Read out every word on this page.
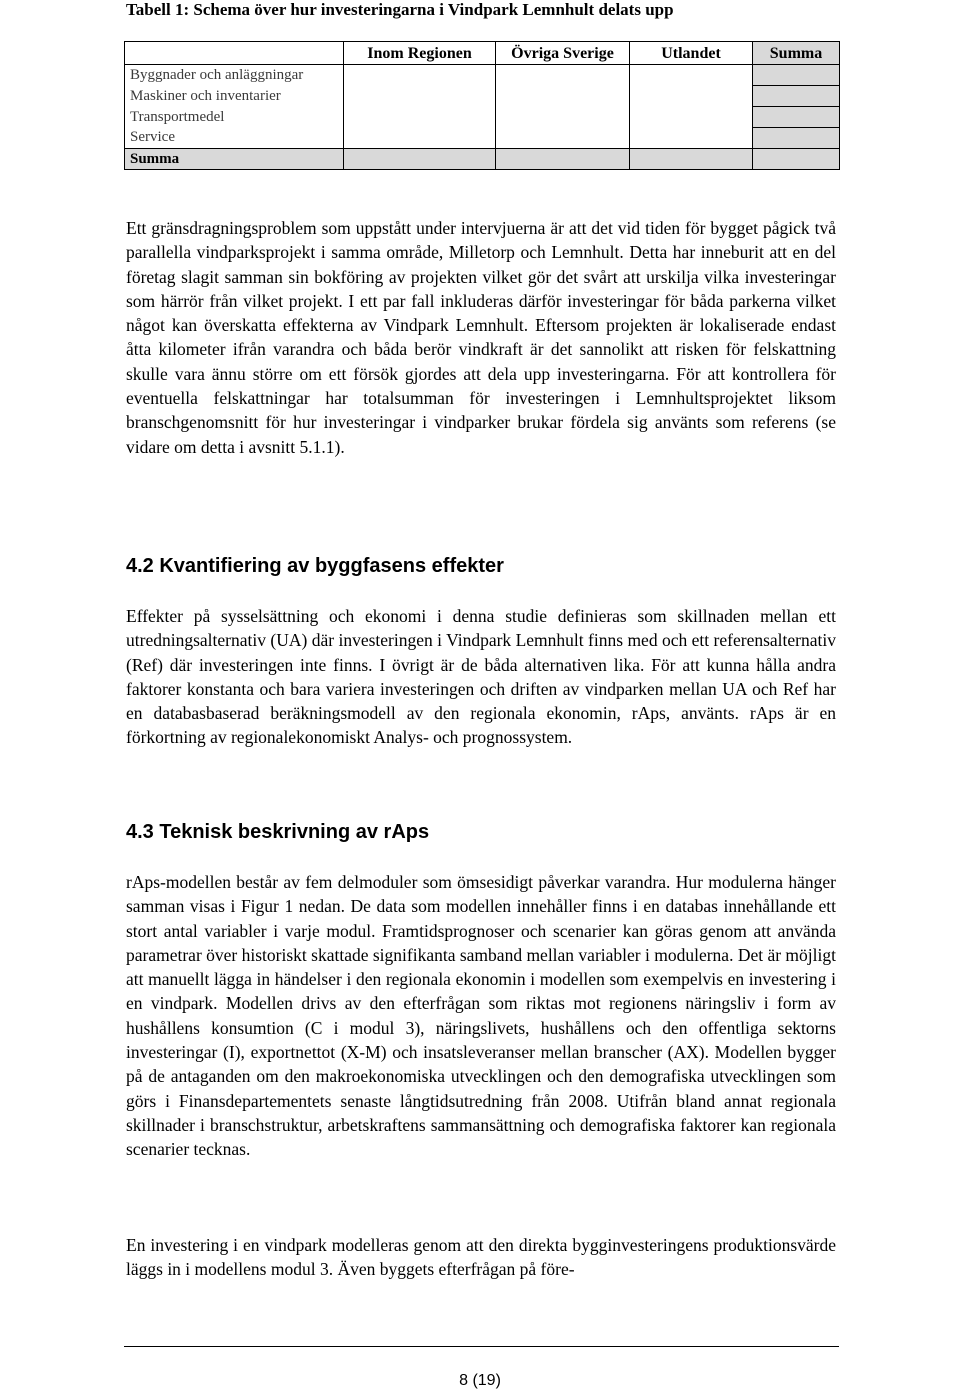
Tabell 1: Schema över hur investeringarna i Vindpark Lemnhult delats upp
	Inom Regionen	Övriga Sverige	Utlandet	Summa
Byggnader och anläggningar				
Maskiner och inventarier				
Transportmedel				
Service				
Summa				

Ett gränsdragningsproblem som uppstått under intervjuerna är att det vid tiden för bygget pågick två parallella vindparksprojekt i samma område, Milletorp och Lemnhult. Detta har inneburit att en del företag slagit samman sin bokföring av projekten vilket gör det svårt att urskilja vilka investeringar som härrör från vilket projekt. I ett par fall inkluderas därför investeringar för båda parkerna vilket något kan överskatta effekterna av Vindpark Lemnhult. Eftersom projekten är lokaliserade endast åtta kilometer ifrån varandra och båda berör vindkraft är det sannolikt att risken för felskattning skulle vara ännu större om ett försök gjordes att dela upp investeringarna. För att kontrollera för eventuella felskattningar har totalsumman för investeringen i Lemnhultsprojektet liksom branschgenomsnitt för hur investeringar i vindparker brukar fördela sig använts som referens (se vidare om detta i avsnitt 5.1.1).

4.2 Kvantifiering av byggfasens effekter

Effekter på sysselsättning och ekonomi i denna studie definieras som skillnaden mellan ett utredningsalternativ (UA) där investeringen i Vindpark Lemnhult finns med och ett referensalternativ (Ref) där investeringen inte finns. I övrigt är de båda alternativen lika. För att kunna hålla andra faktorer konstanta och bara variera investeringen och driften av vindparken mellan UA och Ref har en databasbaserad beräkningsmodell av den regionala ekonomin, rAps, använts. rAps är en förkortning av regionalekonomiskt Analys- och prognossystem.

4.3 Teknisk beskrivning av rAps

rAps-modellen består av fem delmoduler som ömsesidigt påverkar varandra. Hur modulerna hänger samman visas i Figur 1 nedan. De data som modellen innehåller finns i en databas innehållande ett stort antal variabler i varje modul. Framtidsprognoser och scenarier kan göras genom att använda parametrar över historiskt skattade signifikanta samband mellan variabler i modulerna. Det är möjligt att manuellt lägga in händelser i den regionala ekonomin i modellen som exempelvis en investering i en vindpark. Modellen drivs av den efterfrågan som riktas mot regionens näringsliv i form av hushållens konsumtion (C i modul 3), näringslivets, hushållens och den offentliga sektorns investeringar (I), exportnettot (X-M) och insatsleveranser mellan branscher (AX). Modellen bygger på de antaganden om den makroekonomiska utvecklingen och den demografiska utvecklingen som görs i Finansdepartementets senaste långtidsutredning från 2008. Utifrån bland annat regionala skillnader i branschstruktur, arbetskraftens sammansättning och demografiska faktorer kan regionala scenarier tecknas.

En investering i en vindpark modelleras genom att den direkta bygginvesteringens produktionsvärde läggs in i modellens modul 3. Även byggets efterfrågan på före-

8 (19)
